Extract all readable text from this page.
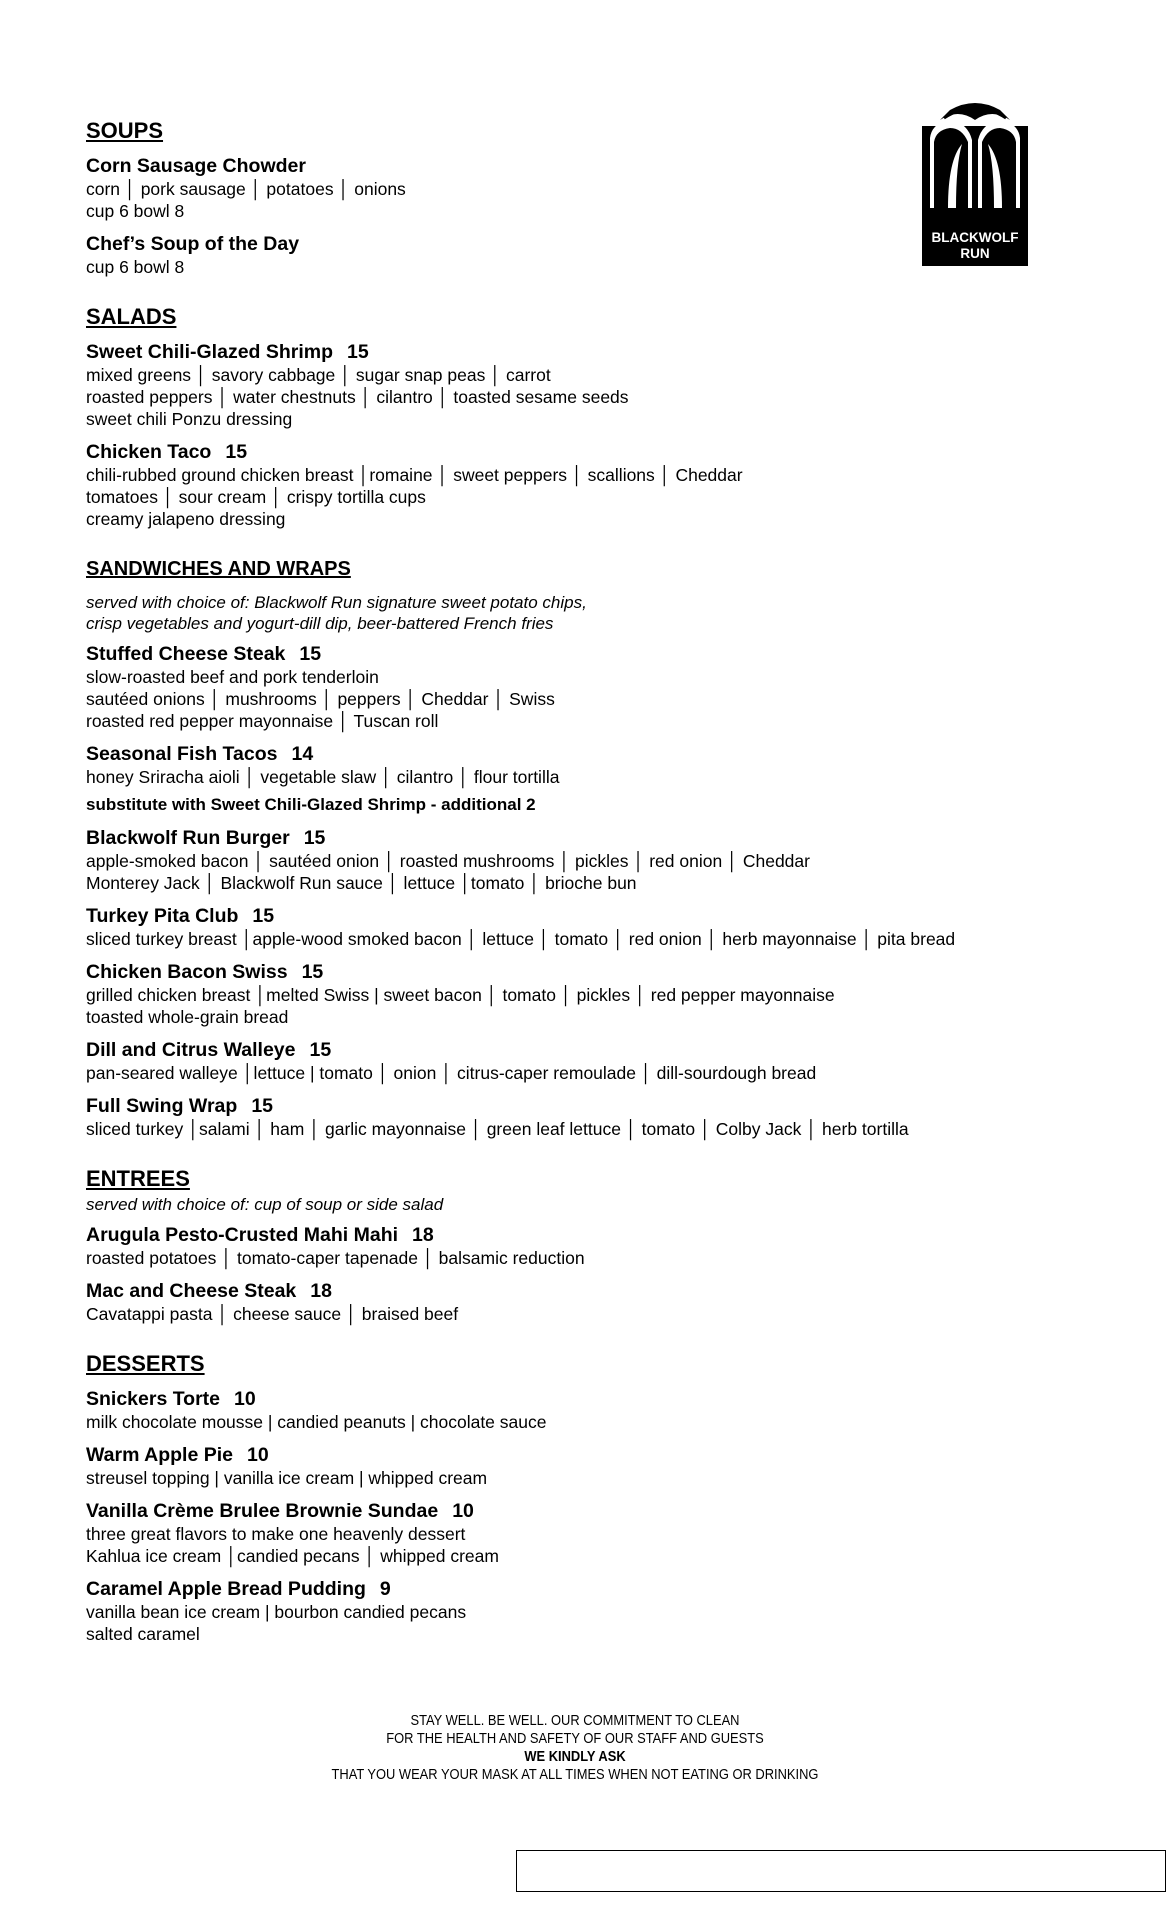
BLACKWOLF
RUN
SOUPS
Corn Sausage Chowder
corn │ pork sausage │ potatoes │ onions
cup 6 bowl 8
Chef’s Soup of the Day
cup 6 bowl 8
SALADS
Sweet Chili-Glazed Shrimp 15
mixed greens │ savory cabbage │ sugar snap peas │ carrot
roasted peppers │ water chestnuts │ cilantro │ toasted sesame seeds
sweet chili Ponzu dressing
Chicken Taco 15
chili-rubbed ground chicken breast │romaine │ sweet peppers │ scallions │ Cheddar
tomatoes │ sour cream │ crispy tortilla cups
creamy jalapeno dressing
SANDWICHES AND WRAPS
served with choice of: Blackwolf Run signature sweet potato chips,
crisp vegetables and yogurt-dill dip, beer-battered French fries
Stuffed Cheese Steak 15
slow-roasted beef and pork tenderloin
sautéed onions │ mushrooms │ peppers │ Cheddar │ Swiss
roasted red pepper mayonnaise │ Tuscan roll
Seasonal Fish Tacos 14
honey Sriracha aioli │ vegetable slaw │ cilantro │ flour tortilla
substitute with Sweet Chili-Glazed Shrimp - additional 2
Blackwolf Run Burger 15
apple-smoked bacon │ sautéed onion │ roasted mushrooms │ pickles │ red onion │ Cheddar
Monterey Jack │ Blackwolf Run sauce │ lettuce │tomato │ brioche bun
Turkey Pita Club 15
sliced turkey breast │apple-wood smoked bacon │ lettuce │ tomato │ red onion │ herb mayonnaise │ pita bread
Chicken Bacon Swiss 15
grilled chicken breast │melted Swiss | sweet bacon │ tomato │ pickles │ red pepper mayonnaise
toasted whole-grain bread
Dill and Citrus Walleye 15
pan-seared walleye │lettuce | tomato │ onion │ citrus-caper remoulade │ dill-sourdough bread
Full Swing Wrap 15
sliced turkey │salami │ ham │ garlic mayonnaise │ green leaf lettuce │ tomato │ Colby Jack │ herb tortilla
ENTREES
served with choice of: cup of soup or side salad
Arugula Pesto-Crusted Mahi Mahi 18
roasted potatoes │ tomato-caper tapenade │ balsamic reduction
Mac and Cheese Steak 18
Cavatappi pasta │ cheese sauce │ braised beef
DESSERTS
Snickers Torte 10
milk chocolate mousse | candied peanuts | chocolate sauce
Warm Apple Pie 10
streusel topping | vanilla ice cream | whipped cream
Vanilla Crème Brulee Brownie Sundae 10
three great flavors to make one heavenly dessert
Kahlua ice cream │candied pecans │ whipped cream
Caramel Apple Bread Pudding 9
vanilla bean ice cream | bourbon candied pecans
salted caramel
STAY WELL. BE WELL. OUR COMMITMENT TO CLEAN
FOR THE HEALTH AND SAFETY OF OUR STAFF AND GUESTS
WE KINDLY ASK
THAT YOU WEAR YOUR MASK AT ALL TIMES WHEN NOT EATING OR DRINKING
